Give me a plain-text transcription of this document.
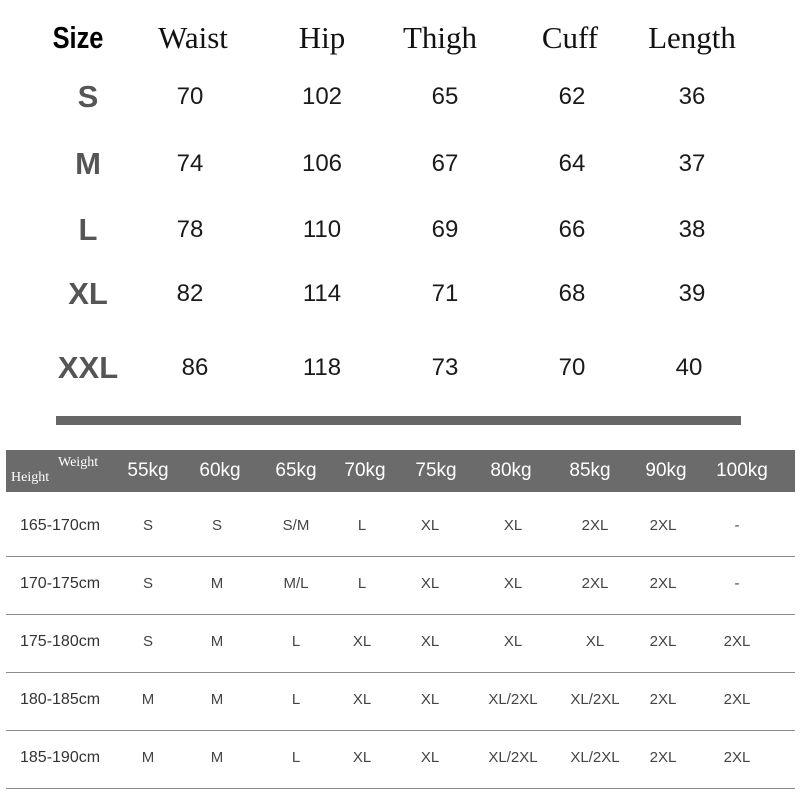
Size	Waist	Hip	Thigh	Cuff	Length
S	70	102	65	62	36
M	74	106	67	64	37
L	78	110	69	66	38
XL	82	114	71	68	39
XXL	86	118	73	70	40
Weight
Height	55kg	60kg	65kg	70kg	75kg	80kg	85kg	90kg	100kg
165-170cm	S	S	S/M	L	XL	XL	2XL	2XL	-
170-175cm	S	M	M/L	L	XL	XL	2XL	2XL	-
175-180cm	S	M	L	XL	XL	XL	XL	2XL	2XL
180-185cm	M	M	L	XL	XL	XL/2XL	XL/2XL	2XL	2XL
185-190cm	M	M	L	XL	XL	XL/2XL	XL/2XL	2XL	2XL
